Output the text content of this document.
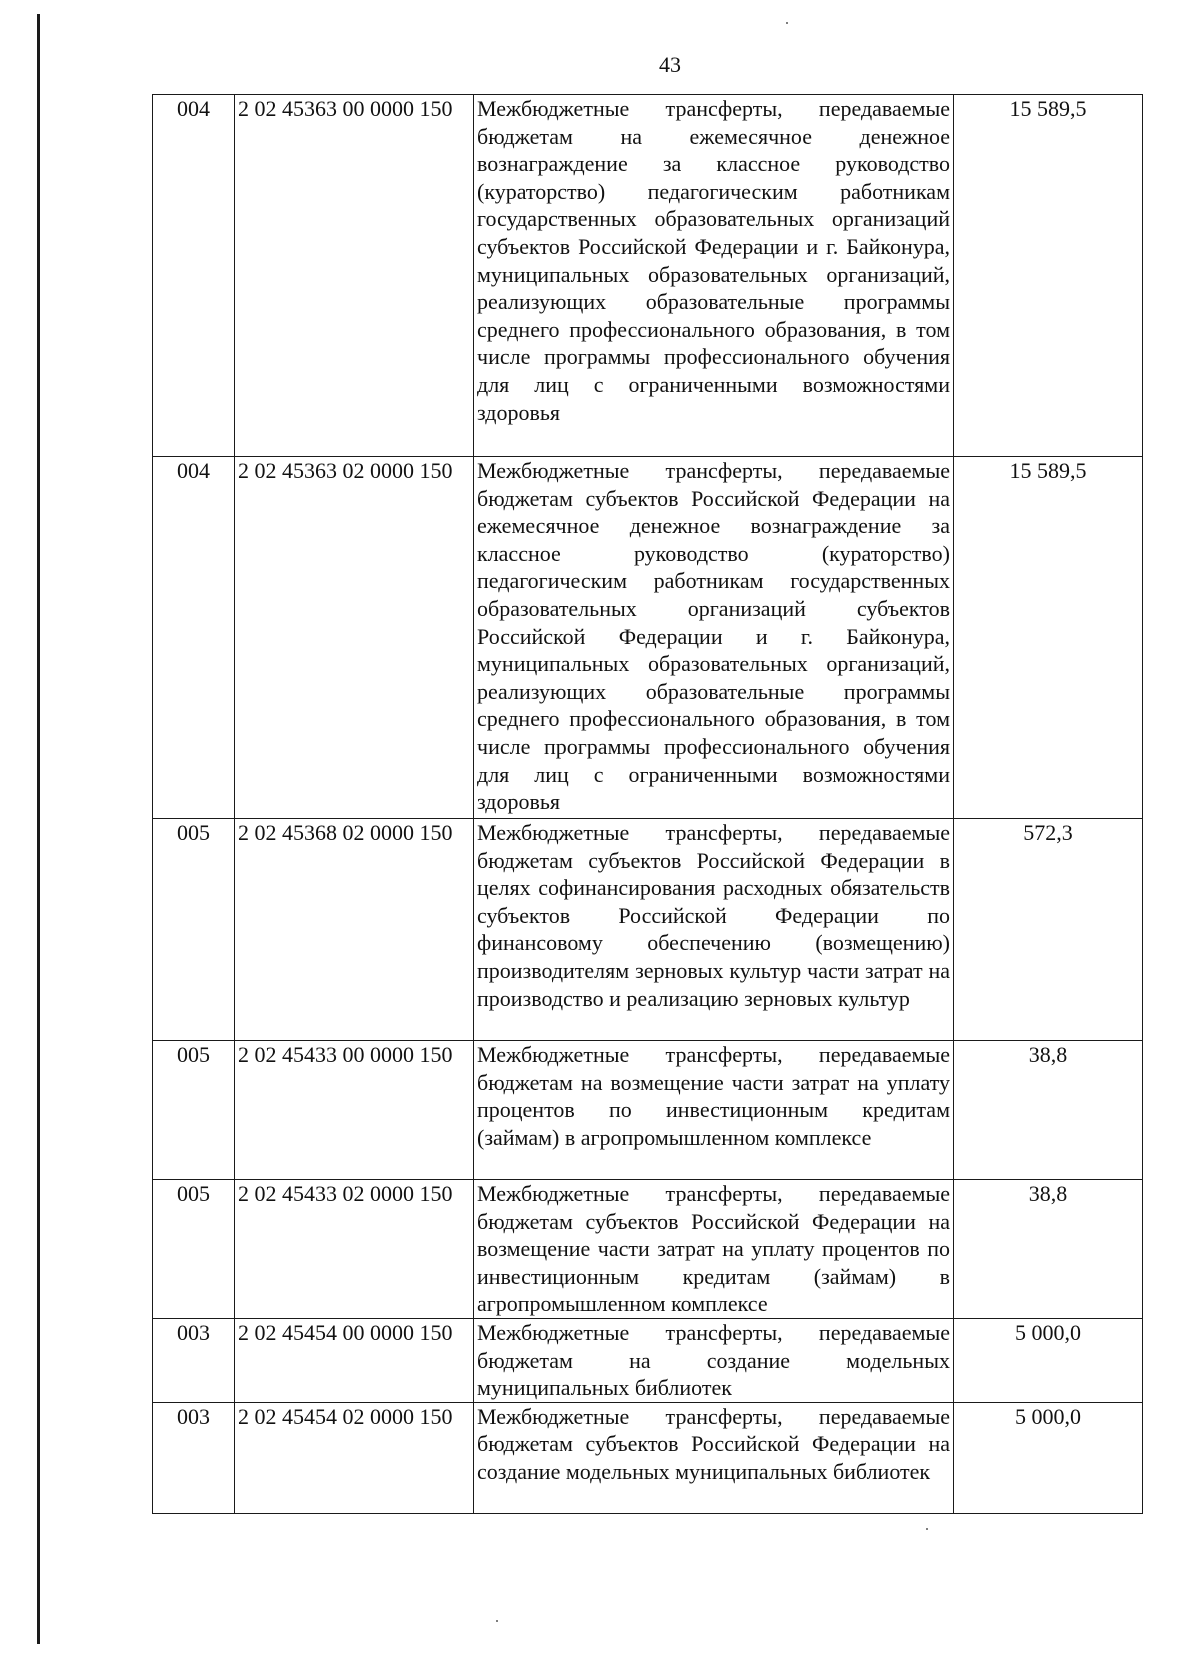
43
004	2 02 45363 00 0000 150	Межбюджетные трансферты, передаваемые бюджетам на ежемесячное денежное вознаграждение за классное руководство (кураторство) педагогическим работникам государственных образовательных организаций субъектов Российской Федерации и г. Байконура, муниципальных образовательных организаций, реализующих образовательные программы среднего профессионального образования, в том числе программы профессионального обучения для лиц с ограниченными возможностями здоровья	15 589,5
004	2 02 45363 02 0000 150	Межбюджетные трансферты, передаваемые бюджетам субъектов Российской Федерации на ежемесячное денежное вознаграждение за классное руководство (кураторство) педагогическим работникам государственных образовательных организаций субъектов Российской Федерации и г. Байконура, муниципальных образовательных организаций, реализующих образовательные программы среднего профессионального образования, в том числе программы профессионального обучения для лиц с ограниченными возможностями здоровья	15 589,5
005	2 02 45368 02 0000 150	Межбюджетные трансферты, передаваемые бюджетам субъектов Российской Федерации в целях софинансирования расходных обязательств субъектов Российской Федерации по финансовому обеспечению (возмещению) производителям зерновых культур части затрат на производство и реализацию зерновых культур	572,3
005	2 02 45433 00 0000 150	Межбюджетные трансферты, передаваемые бюджетам на возмещение части затрат на уплату процентов по инвестиционным кредитам (займам) в агропромышленном комплексе	38,8
005	2 02 45433 02 0000 150	Межбюджетные трансферты, передаваемые бюджетам субъектов Российской Федерации на возмещение части затрат на уплату процентов по инвестиционным кредитам (займам) в агропромышленном комплексе	38,8
003	2 02 45454 00 0000 150	Межбюджетные трансферты, передаваемые бюджетам на создание модельных муниципальных библиотек	5 000,0
003	2 02 45454 02 0000 150	Межбюджетные трансферты, передаваемые бюджетам субъектов Российской Федерации на создание модельных муниципальных библиотек	5 000,0
